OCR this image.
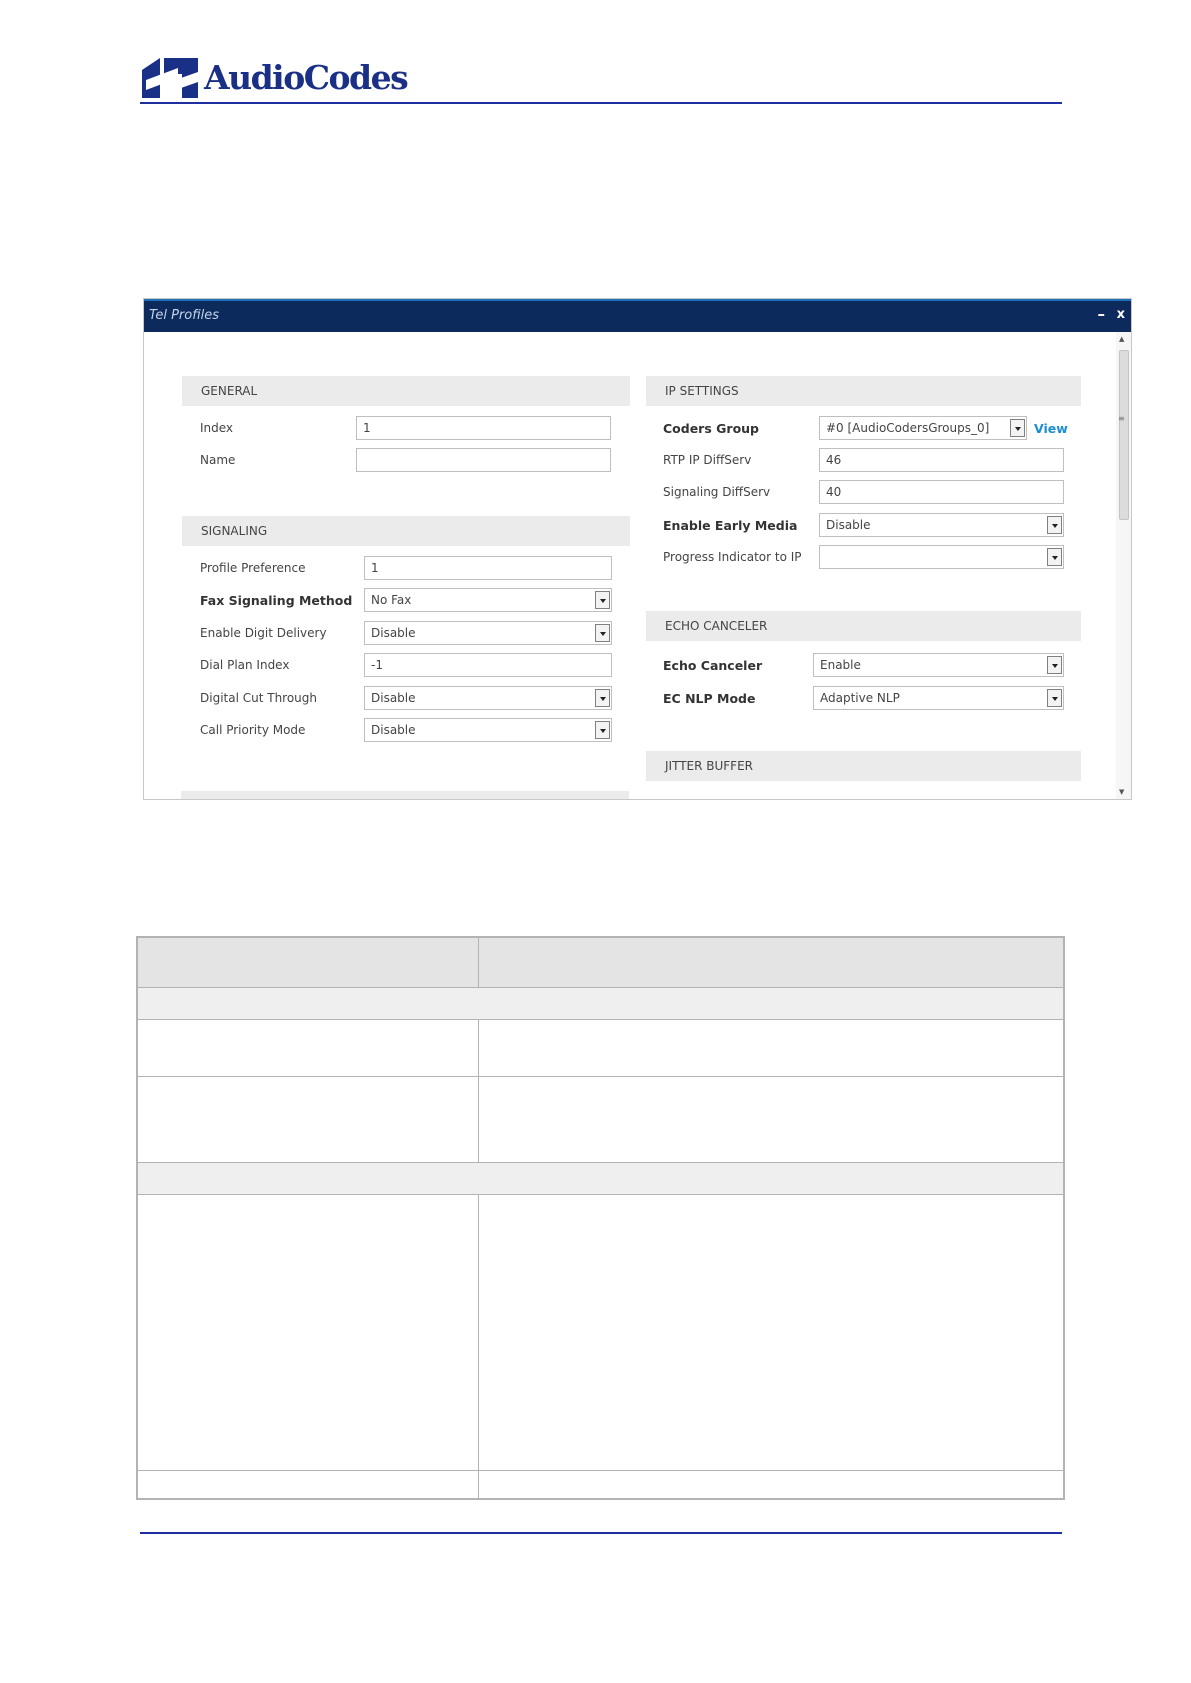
AudioCodes
Tel Profiles	– x
▲
≡
▼
GENERAL
Index	1
Name
SIGNALING
Profile Preference	1
Fax Signaling Method	No Fax
Enable Digit Delivery	Disable
Dial Plan Index	-1
Digital Cut Through	Disable
Call Priority Mode	Disable
IP SETTINGS
Coders Group	#0 [AudioCodersGroups_0]	View
RTP IP DiffServ	46
Signaling DiffServ	40
Enable Early Media	Disable
Progress Indicator to IP
ECHO CANCELER
Echo Canceler	Enable
EC NLP Mode	Adaptive NLP
JITTER BUFFER
